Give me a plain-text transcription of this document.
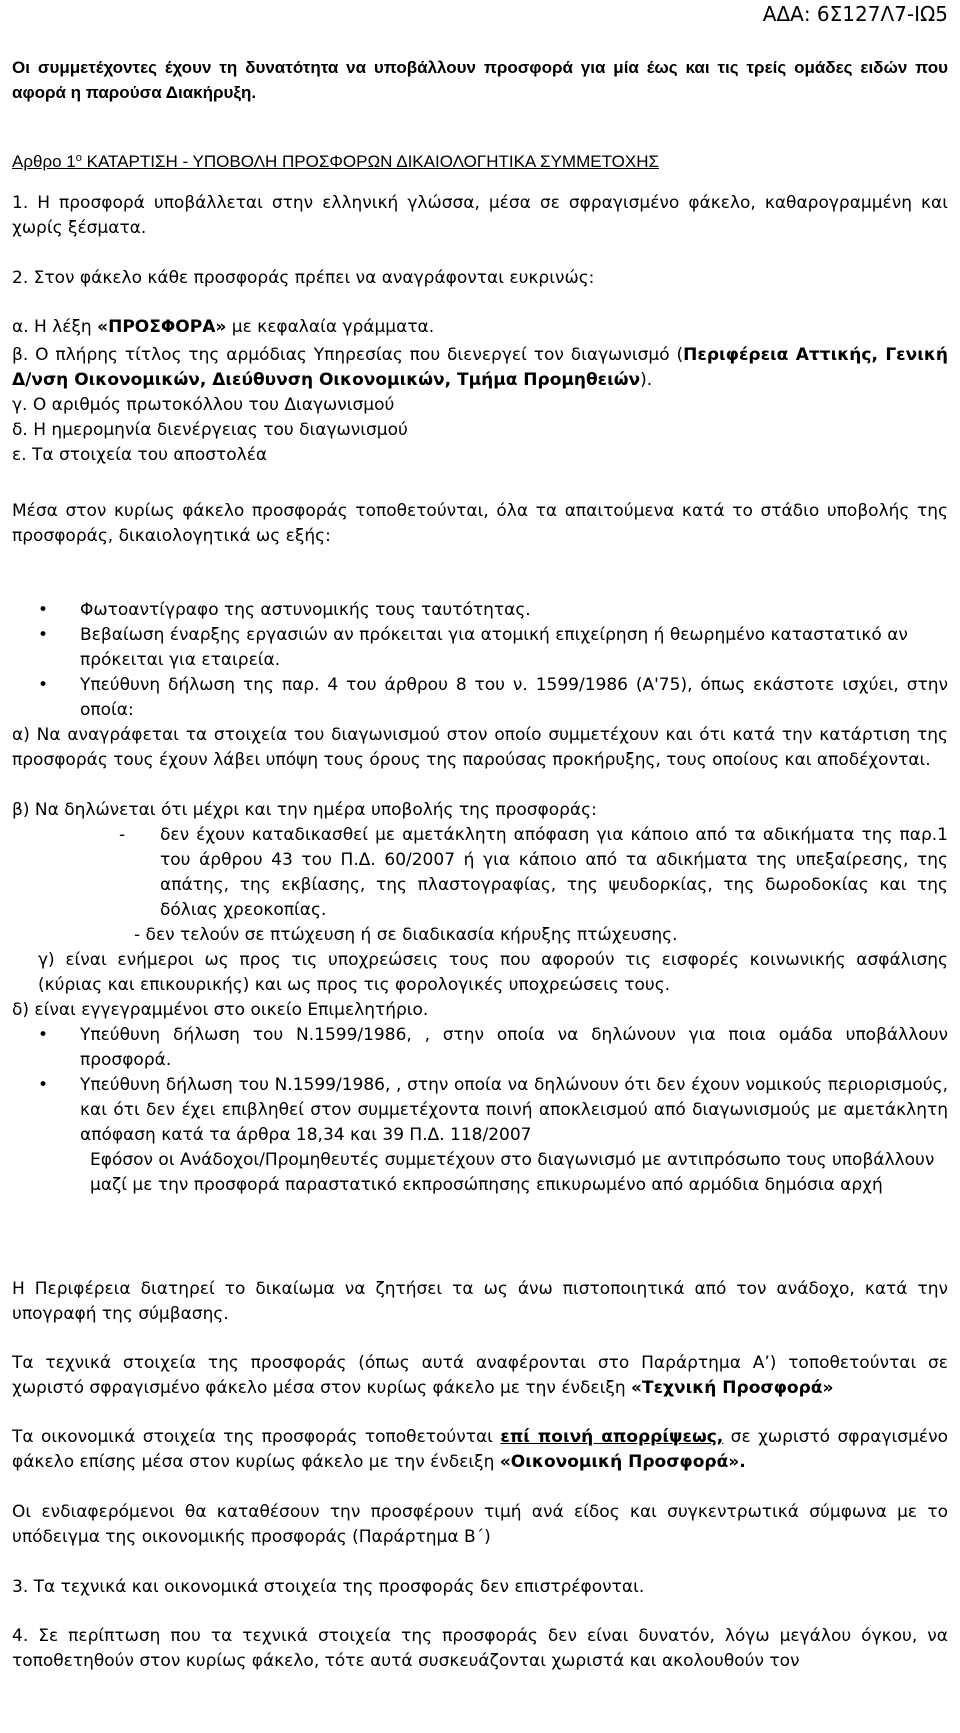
ΑΔΑ: 6Σ127Λ7-ΙΩ5
Οι συμμετέχοντες έχουν τη δυνατότητα να υποβάλλουν προσφορά για μία έως και τις τρείς ομάδες ειδών που αφορά η παρούσα Διακήρυξη.
Αρθρο $1^o$ ΚΑΤΑΡΤΙΣΗ - ΥΠΟΒΟΛΗ ΠΡΟΣΦΟΡΩΝ ΔΙΚΑΙΟΛΟΓΗΤΙΚΑ ΣΥΜΜΕΤΟΧΗΣ
1. Η προσφορά υποβάλλεται στην ελληνική γλώσσα, μέσα σε σφραγισμένο φάκελο, καθαρογραμμένη και χωρίς ξέσματα.
2. Στον φάκελο κάθε προσφοράς πρέπει να αναγράφονται ευκρινώς:
α. Η λέξη «ΠΡΟΣΦΟΡΑ» με κεφαλαία γράμματα.
β. Ο πλήρης τίτλος της αρμόδιας Υπηρεσίας που διενεργεί τον διαγωνισμό (Περιφέρεια Αττικής, Γενική Δ/νση Οικονομικών, Διεύθυνση Οικονομικών, Τμήμα Προμηθειών).
γ. Ο αριθμός πρωτοκόλλου του Διαγωνισμού
δ. Η ημερομηνία διενέργειας του διαγωνισμού
ε. Τα στοιχεία του αποστολέα
Μέσα στον κυρίως φάκελο προσφοράς τοποθετούνται, όλα τα απαιτούμενα κατά το στάδιο υποβολής της προσφοράς, δικαιολογητικά ως εξής:
• Φωτοαντίγραφο της αστυνομικής τους ταυτότητας.
• Βεβαίωση έναρξης εργασιών αν πρόκειται για ατομική επιχείρηση ή θεωρημένο καταστατικό αν πρόκειται για εταιρεία.
• Υπεύθυνη δήλωση της παρ. 4 του άρθρου 8 του ν. 1599/1986 (Α'75), όπως εκάστοτε ισχύει, στην οποία:
α) Να αναγράφεται τα στοιχεία του διαγωνισμού στον οποίο συμμετέχουν και ότι κατά την κατάρτιση της προσφοράς τους έχουν λάβει υπόψη τους όρους της παρούσας προκήρυξης, τους οποίους και αποδέχονται.
β) Να δηλώνεται ότι μέχρι και την ημέρα υποβολής της προσφοράς:
- δεν έχουν καταδικασθεί με αμετάκλητη απόφαση για κάποιο από τα αδικήματα της παρ.1 του άρθρου 43 του Π.Δ. 60/2007 ή για κάποιο από τα αδικήματα της υπεξαίρεσης, της απάτης, της εκβίασης, της πλαστογραφίας, της ψευδορκίας, της δωροδοκίας και της δόλιας χρεοκοπίας.
- δεν τελούν σε πτώχευση ή σε διαδικασία κήρυξης πτώχευσης.
γ) είναι ενήμεροι ως προς τις υποχρεώσεις τους που αφορούν τις εισφορές κοινωνικής ασφάλισης (κύριας και επικουρικής) και ως προς τις φορολογικές υποχρεώσεις τους.
δ) είναι εγγεγραμμένοι στο οικείο Επιμελητήριο.
• Υπεύθυνη δήλωση του Ν.1599/1986, , στην οποία να δηλώνουν για ποια ομάδα υποβάλλουν προσφορά.
• Υπεύθυνη δήλωση του Ν.1599/1986, , στην οποία να δηλώνουν ότι δεν έχουν νομικούς περιορισμούς, και ότι δεν έχει επιβληθεί στον συμμετέχοντα ποινή αποκλεισμού από διαγωνισμούς με αμετάκλητη απόφαση κατά τα άρθρα 18,34 και 39 Π.Δ. 118/2007
Εφόσον οι Ανάδοχοι/Προμηθευτές συμμετέχουν στο διαγωνισμό με αντιπρόσωπο τους υποβάλλουν μαζί με την προσφορά παραστατικό εκπροσώπησης επικυρωμένο από αρμόδια δημόσια αρχή
Η Περιφέρεια διατηρεί το δικαίωμα να ζητήσει τα ως άνω πιστοποιητικά από τον ανάδοχο, κατά την υπογραφή της σύμβασης.
Τα τεχνικά στοιχεία της προσφοράς (όπως αυτά αναφέρονται στο Παράρτημα Α’) τοποθετούνται σε χωριστό σφραγισμένο φάκελο μέσα στον κυρίως φάκελο με την ένδειξη «Τεχνική Προσφορά»
Τα οικονομικά στοιχεία της προσφοράς τοποθετούνται επί ποινή απορρίψεως, σε χωριστό σφραγισμένο φάκελο επίσης μέσα στον κυρίως φάκελο με την ένδειξη «Οικονομική Προσφορά».
Οι ενδιαφερόμενοι θα καταθέσουν την προσφέρουν τιμή ανά είδος και συγκεντρωτικά σύμφωνα με το υπόδειγμα της οικονομικής προσφοράς (Παράρτημα Β΄)
3. Τα τεχνικά και οικονομικά στοιχεία της προσφοράς δεν επιστρέφονται.
4. Σε περίπτωση που τα τεχνικά στοιχεία της προσφοράς δεν είναι δυνατόν, λόγω μεγάλου όγκου, να τοποθετηθούν στον κυρίως φάκελο, τότε αυτά συσκευάζονται χωριστά και ακολουθούν τον
